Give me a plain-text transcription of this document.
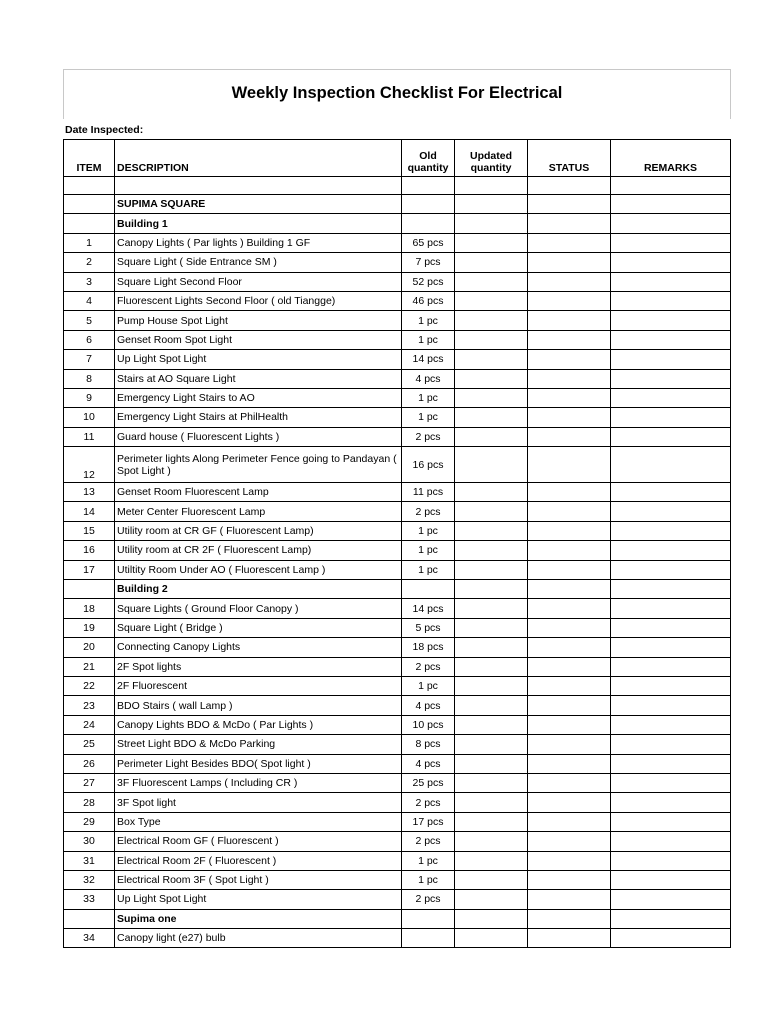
Weekly Inspection Checklist For Electrical
Date Inspected:
ITEM	DESCRIPTION	Old quantity	Updated quantity	STATUS	REMARKS

	SUPIMA SQUARE				
	Building 1				
1	Canopy Lights ( Par lights ) Building 1 GF	65 pcs			
2	Square Light ( Side Entrance SM )	7 pcs			
3	Square Light Second Floor	52 pcs			
4	Fluorescent Lights Second Floor ( old Tiangge)	46 pcs			
5	Pump House Spot Light	1 pc			
6	Genset Room Spot Light	1 pc			
7	Up Light Spot Light	14 pcs			
8	Stairs at AO Square Light	4 pcs			
9	Emergency Light Stairs to AO	1 pc			
10	Emergency Light Stairs at PhilHealth	1 pc			
11	Guard house ( Fluorescent Lights )	2 pcs			
12	Perimeter lights Along Perimeter Fence going to Pandayan ( Spot Light )	16 pcs			
13	Genset Room Fluorescent Lamp	11 pcs			
14	Meter Center Fluorescent Lamp	2 pcs			
15	Utility room at CR GF ( Fluorescent Lamp)	1 pc			
16	Utility room at CR 2F ( Fluorescent Lamp)	1 pc			
17	Utiltity Room Under AO ( Fluorescent Lamp )	1 pc			
	Building 2				
18	Square Lights ( Ground Floor Canopy )	14 pcs			
19	Square Light ( Bridge )	5 pcs			
20	Connecting Canopy Lights	18 pcs			
21	2F Spot lights	2 pcs			
22	2F Fluorescent	1 pc			
23	BDO Stairs ( wall Lamp )	4 pcs			
24	Canopy Lights BDO & McDo ( Par Lights )	10 pcs			
25	Street Light BDO & McDo Parking	8 pcs			
26	Perimeter Light Besides BDO( Spot light )	4 pcs			
27	3F Fluorescent Lamps ( Including CR )	25 pcs			
28	3F Spot light	2 pcs			
29	Box Type	17 pcs			
30	Electrical Room GF ( Fluorescent )	2 pcs			
31	Electrical Room 2F ( Fluorescent )	1 pc			
32	Electrical Room 3F ( Spot Light )	1 pc			
33	Up Light Spot Light	2 pcs			
	Supima one				
34	Canopy light (e27) bulb				
